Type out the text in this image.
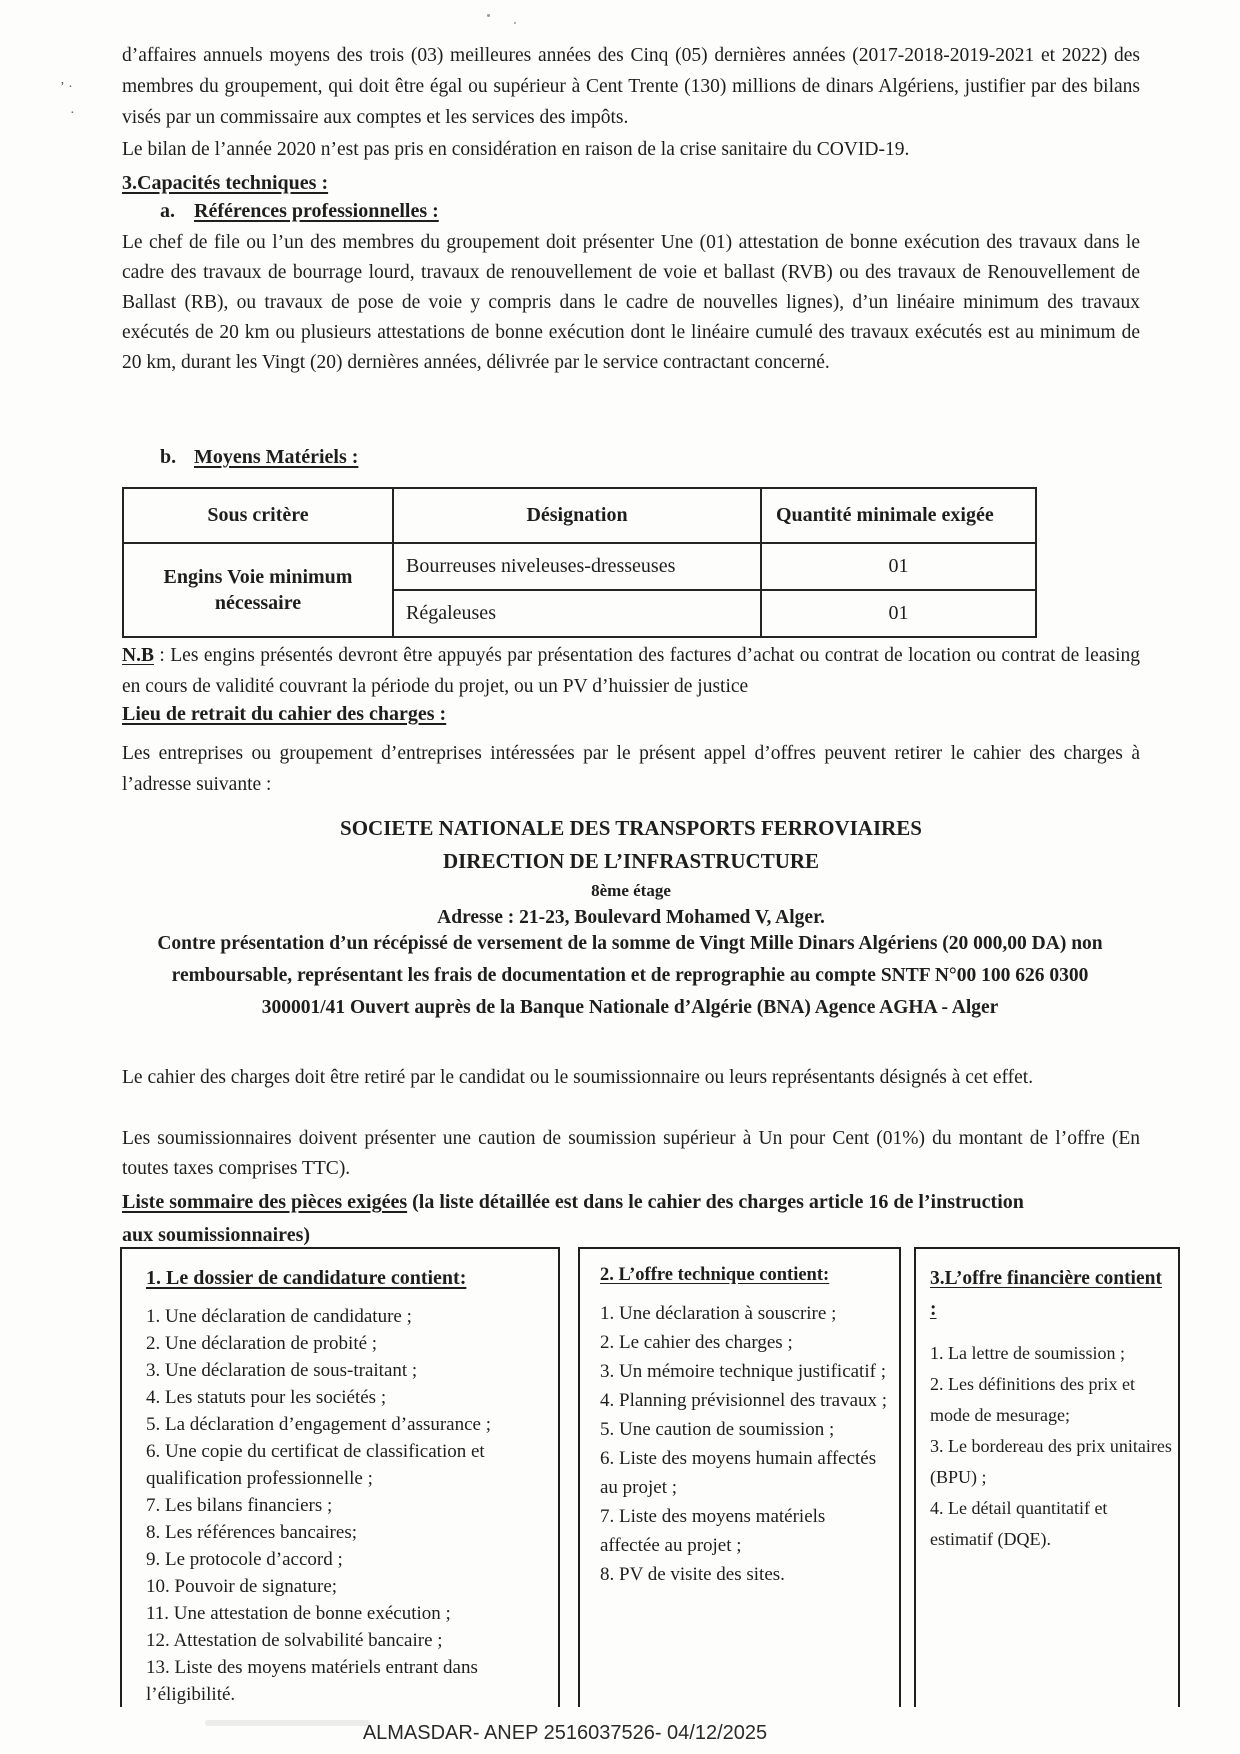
’ ·
·
d’affaires annuels moyens des trois (03) meilleures années des Cinq (05) dernières années (2017-2018-2019-2021 et 2022) des membres du groupement, qui doit être égal ou supérieur à Cent Trente (130) millions de dinars Algériens, justifier par des bilans visés par un commissaire aux comptes et les services des impôts.
Le bilan de l’année 2020 n’est pas pris en considération en raison de la crise sanitaire du COVID-19.
3.Capacités techniques :
a. Références professionnelles :
Le chef de file ou l’un des membres du groupement doit présenter Une (01) attestation de bonne exécution des travaux dans le cadre des travaux de bourrage lourd, travaux de renouvellement de voie et ballast (RVB) ou des travaux de Renouvellement de Ballast (RB), ou travaux de pose de voie y compris dans le cadre de nouvelles lignes), d’un linéaire minimum des travaux exécutés de 20 km ou plusieurs attestations de bonne exécution dont le linéaire cumulé des travaux exécutés est au minimum de 20 km, durant les Vingt (20) dernières années, délivrée par le service contractant concerné.
b. Moyens Matériels :
Sous critère	Désignation	Quantité minimale exigée
Engins Voie minimum nécessaire	Bourreuses niveleuses-dresseuses	01
	Régaleuses	01
N.B : Les engins présentés devront être appuyés par présentation des factures d’achat ou contrat de location ou contrat de leasing en cours de validité couvrant la période du projet, ou un PV d’huissier de justice
Lieu de retrait du cahier des charges :
Les entreprises ou groupement d’entreprises intéressées par le présent appel d’offres peuvent retirer le cahier des charges à l’adresse suivante :
SOCIETE NATIONALE DES TRANSPORTS FERROVIAIRES
DIRECTION DE L’INFRASTRUCTURE
8ème étage
Adresse : 21-23, Boulevard Mohamed V, Alger.
Contre présentation d’un récépissé de versement de la somme de Vingt Mille Dinars Algériens (20 000,00 DA) non remboursable, représentant les frais de documentation et de reprographie au compte SNTF N°00 100 626 0300 300001/41 Ouvert auprès de la Banque Nationale d’Algérie (BNA) Agence AGHA - Alger
Le cahier des charges doit être retiré par le candidat ou le soumissionnaire ou leurs représentants désignés à cet effet.
Les soumissionnaires doivent présenter une caution de soumission supérieur à Un pour Cent (01%) du montant de l’offre (En toutes taxes comprises TTC).
Liste sommaire des pièces exigées (la liste détaillée est dans le cahier des charges article 16 de l’instruction aux soumissionnaires)
1. Le dossier de candidature contient:
1. Une déclaration de candidature ;
2. Une déclaration de probité ;
3. Une déclaration de sous-traitant ;
4. Les statuts pour les sociétés ;
5. La déclaration d’engagement d’assurance ;
6. Une copie du certificat de classification et qualification professionnelle ;
7. Les bilans financiers ;
8. Les références bancaires;
9. Le protocole d’accord ;
10. Pouvoir de signature;
11. Une attestation de bonne exécution ;
12. Attestation de solvabilité bancaire ;
13. Liste des moyens matériels entrant dans l’éligibilité.
2. L’offre technique contient:
1. Une déclaration à souscrire ;
2. Le cahier des charges ;
3. Un mémoire technique justificatif ;
4. Planning prévisionnel des travaux ;
5. Une caution de soumission ;
6. Liste des moyens humain affectés au projet ;
7. Liste des moyens matériels affectée au projet ;
8. PV de visite des sites.
3.L’offre financière contient :
1. La lettre de soumission ;
2. Les définitions des prix et mode de mesurage;
3. Le bordereau des prix unitaires (BPU) ;
4. Le détail quantitatif et estimatif (DQE).
ALMASDAR- ANEP 2516037526- 04/12/2025
